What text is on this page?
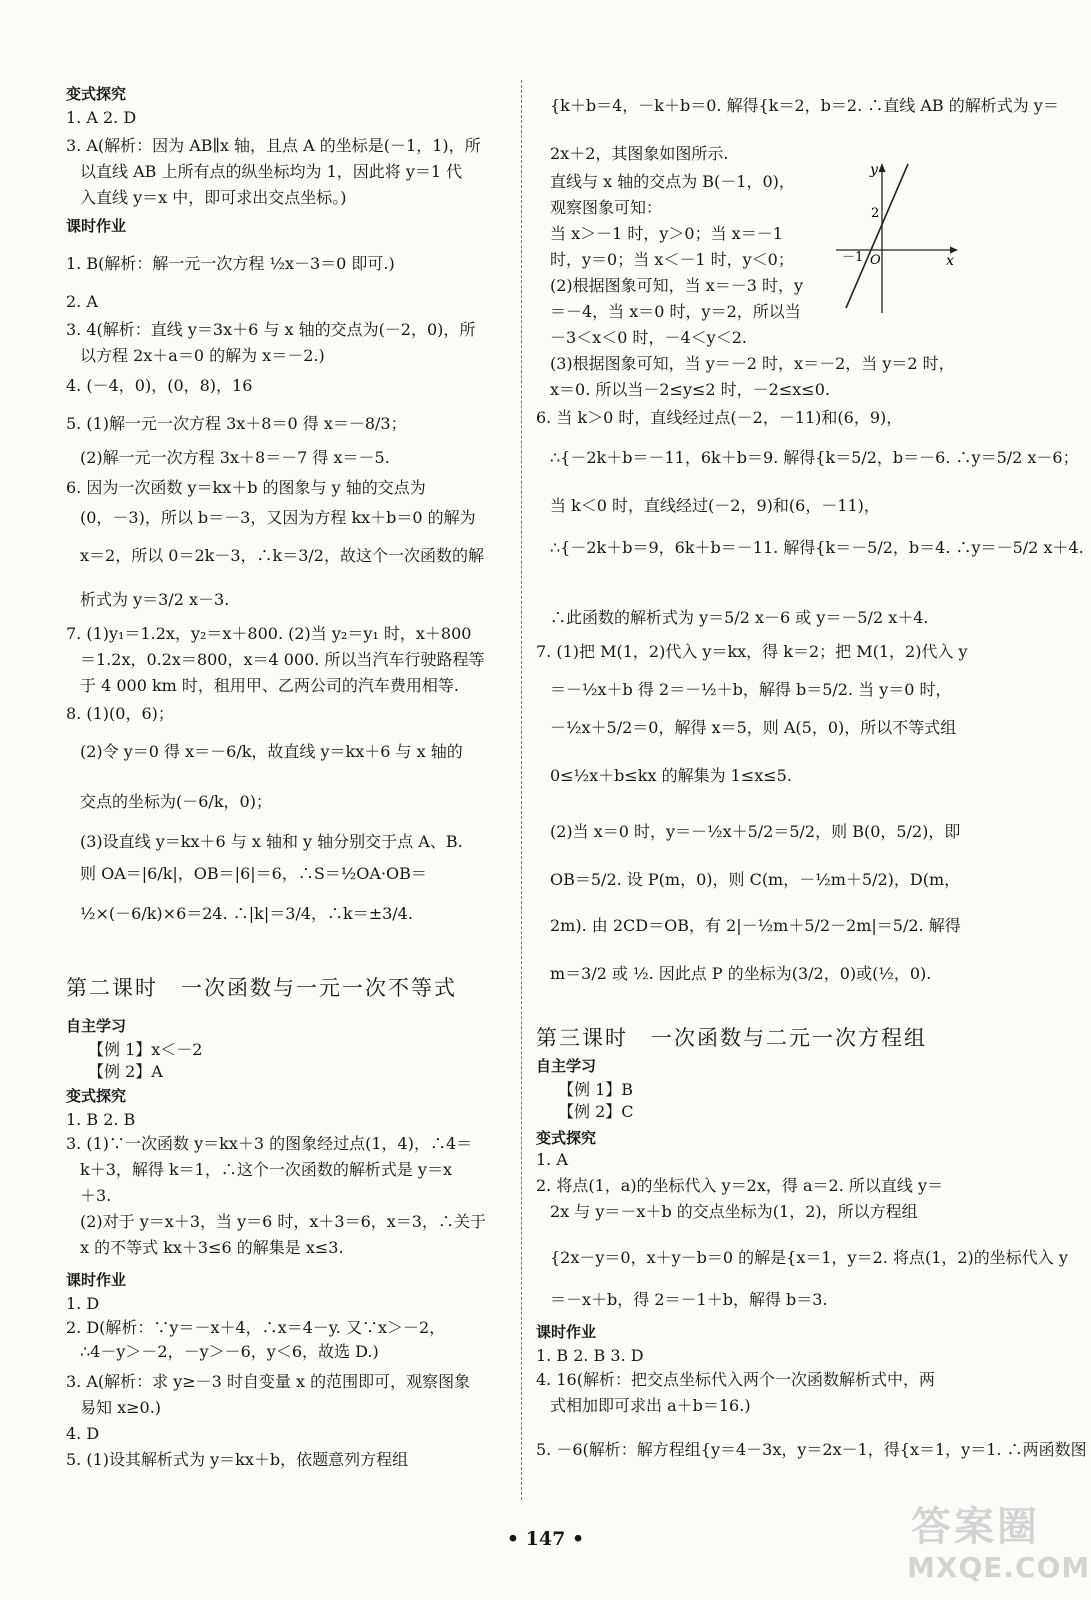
变式探究
1. A 2. D
3. A(解析：因为 AB∥x 轴，且点 A 的坐标是(－1，1)，所
以直线 AB 上所有点的纵坐标均为 1，因此将 y＝1 代
入直线 y＝x 中，即可求出交点坐标。)
课时作业
1. B(解析：解一元一次方程 ½x－3＝0 即可.)
2. A
3. 4(解析：直线 y＝3x＋6 与 x 轴的交点为(－2，0)，所
以方程 2x＋a＝0 的解为 x＝－2.)
4. (－4，0)，(0，8)，16
5. (1)解一元一次方程 3x＋8＝0 得 x＝－8/3；
(2)解一元一次方程 3x＋8＝－7 得 x＝－5.
6. 因为一次函数 y＝kx＋b 的图象与 y 轴的交点为
(0，－3)，所以 b＝－3，又因为方程 kx＋b＝0 的解为
x＝2，所以 0＝2k－3，∴k＝3/2，故这个一次函数的解
析式为 y＝3/2 x－3.
7. (1)y₁＝1.2x，y₂＝x＋800. (2)当 y₂＝y₁ 时，x＋800
＝1.2x，0.2x＝800，x＝4 000. 所以当汽车行驶路程等
于 4 000 km 时，租用甲、乙两公司的汽车费用相等.
8. (1)(0，6)；
(2)令 y＝0 得 x＝－6/k，故直线 y＝kx＋6 与 x 轴的
交点的坐标为(－6/k，0)；
(3)设直线 y＝kx＋6 与 x 轴和 y 轴分别交于点 A、B.
则 OA＝|6/k|，OB＝|6|＝6，∴S＝½OA·OB＝
½×(－6/k)×6＝24. ∴|k|＝3/4，∴k＝±3/4.
第二课时　一次函数与一元一次不等式
自主学习
【例 1】x＜－2
【例 2】A
变式探究
1. B 2. B
3. (1)∵一次函数 y＝kx＋3 的图象经过点(1，4)，∴4＝
k＋3，解得 k＝1，∴这个一次函数的解析式是 y＝x
＋3.
(2)对于 y＝x＋3，当 y＝6 时，x＋3＝6，x＝3，∴关于
x 的不等式 kx＋3≤6 的解集是 x≤3.
课时作业
1. D
2. D(解析：∵y＝－x＋4，∴x＝4－y. 又∵x＞－2，
∴4－y＞－2，－y＞－6，y＜6，故选 D.)
3. A(解析：求 y≥－3 时自变量 x 的范围即可，观察图象
易知 x≥0.)
4. D
5. (1)设其解析式为 y＝kx＋b，依题意列方程组
{k＋b＝4，－k＋b＝0. 解得{k＝2，b＝2. ∴直线 AB 的解析式为 y＝
2x＋2，其图象如图所示.
直线与 x 轴的交点为 B(－1，0)，
观察图象可知：
当 x＞－1 时，y＞0；当 x＝－1
时，y＝0；当 x＜－1 时，y＜0；
(2)根据图象可知，当 x＝－3 时，y
＝－4，当 x＝0 时，y＝2，所以当
－3＜x＜0 时，－4＜y＜2.
(3)根据图象可知，当 y＝－2 时，x＝－2，当 y＝2 时，
x＝0. 所以当－2≤y≤2 时，－2≤x≤0.
6. 当 k＞0 时，直线经过点(－2，－11)和(6，9)，
∴{－2k＋b＝－11，6k＋b＝9. 解得{k＝5/2，b＝－6. ∴y＝5/2 x－6；
当 k＜0 时，直线经过(－2，9)和(6，－11)，
∴{－2k＋b＝9，6k＋b＝－11. 解得{k＝－5/2，b＝4. ∴y＝－5/2 x＋4.
∴此函数的解析式为 y＝5/2 x－6 或 y＝－5/2 x＋4.
7. (1)把 M(1，2)代入 y＝kx，得 k＝2；把 M(1，2)代入 y
＝－½x＋b 得 2＝－½＋b，解得 b＝5/2. 当 y＝0 时，
－½x＋5/2＝0，解得 x＝5，则 A(5，0)，所以不等式组
0≤½x＋b≤kx 的解集为 1≤x≤5.
(2)当 x＝0 时，y＝－½x＋5/2＝5/2，则 B(0，5/2)，即
OB＝5/2. 设 P(m，0)，则 C(m，－½m＋5/2)，D(m，
2m). 由 2CD＝OB，有 2|－½m＋5/2－2m|＝5/2. 解得
m＝3/2 或 ½. 因此点 P 的坐标为(3/2，0)或(½，0).
第三课时　一次函数与二元一次方程组
自主学习
【例 1】B
【例 2】C
变式探究
1. A
2. 将点(1，a)的坐标代入 y＝2x，得 a＝2. 所以直线 y＝
2x 与 y＝－x＋b 的交点坐标为(1，2)，所以方程组
{2x－y＝0，x＋y－b＝0 的解是{x＝1，y＝2. 将点(1，2)的坐标代入 y
＝－x＋b，得 2＝－1＋b，解得 b＝3.
课时作业
1. B 2. B 3. D
4. 16(解析：把交点坐标代入两个一次函数解析式中，两
式相加即可求出 a＋b＝16.)
5. －6(解析：解方程组{y＝4－3x，y＝2x－1，得{x＝1，y＝1. ∴两函数图
y
x
2
－1 O
• 147 •	答案圈
MXQE.COM
